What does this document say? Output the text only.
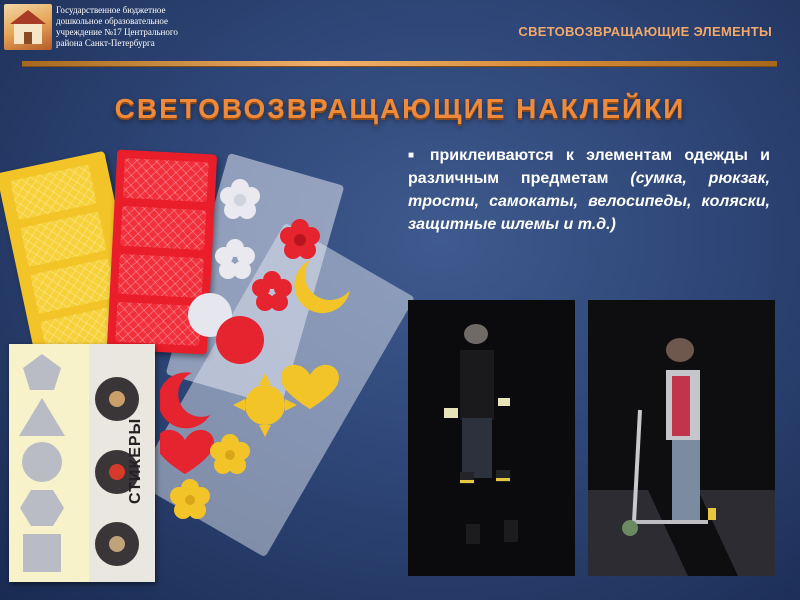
Государственное бюджетное дошкольное образовательное учреждение №17 Центрального района Санкт-Петербурга
СВЕТОВОЗВРАЩАЮЩИЕ ЭЛЕМЕНТЫ
СВЕТОВОЗВРАЩАЮЩИЕ НАКЛЕЙКИ
■ приклеиваются к элементам одежды и различным предметам (сумка, рюкзак, трости, самокаты, велосипеды, коляски, защитные шлемы и т.д.)
СТИКЕРЫ
